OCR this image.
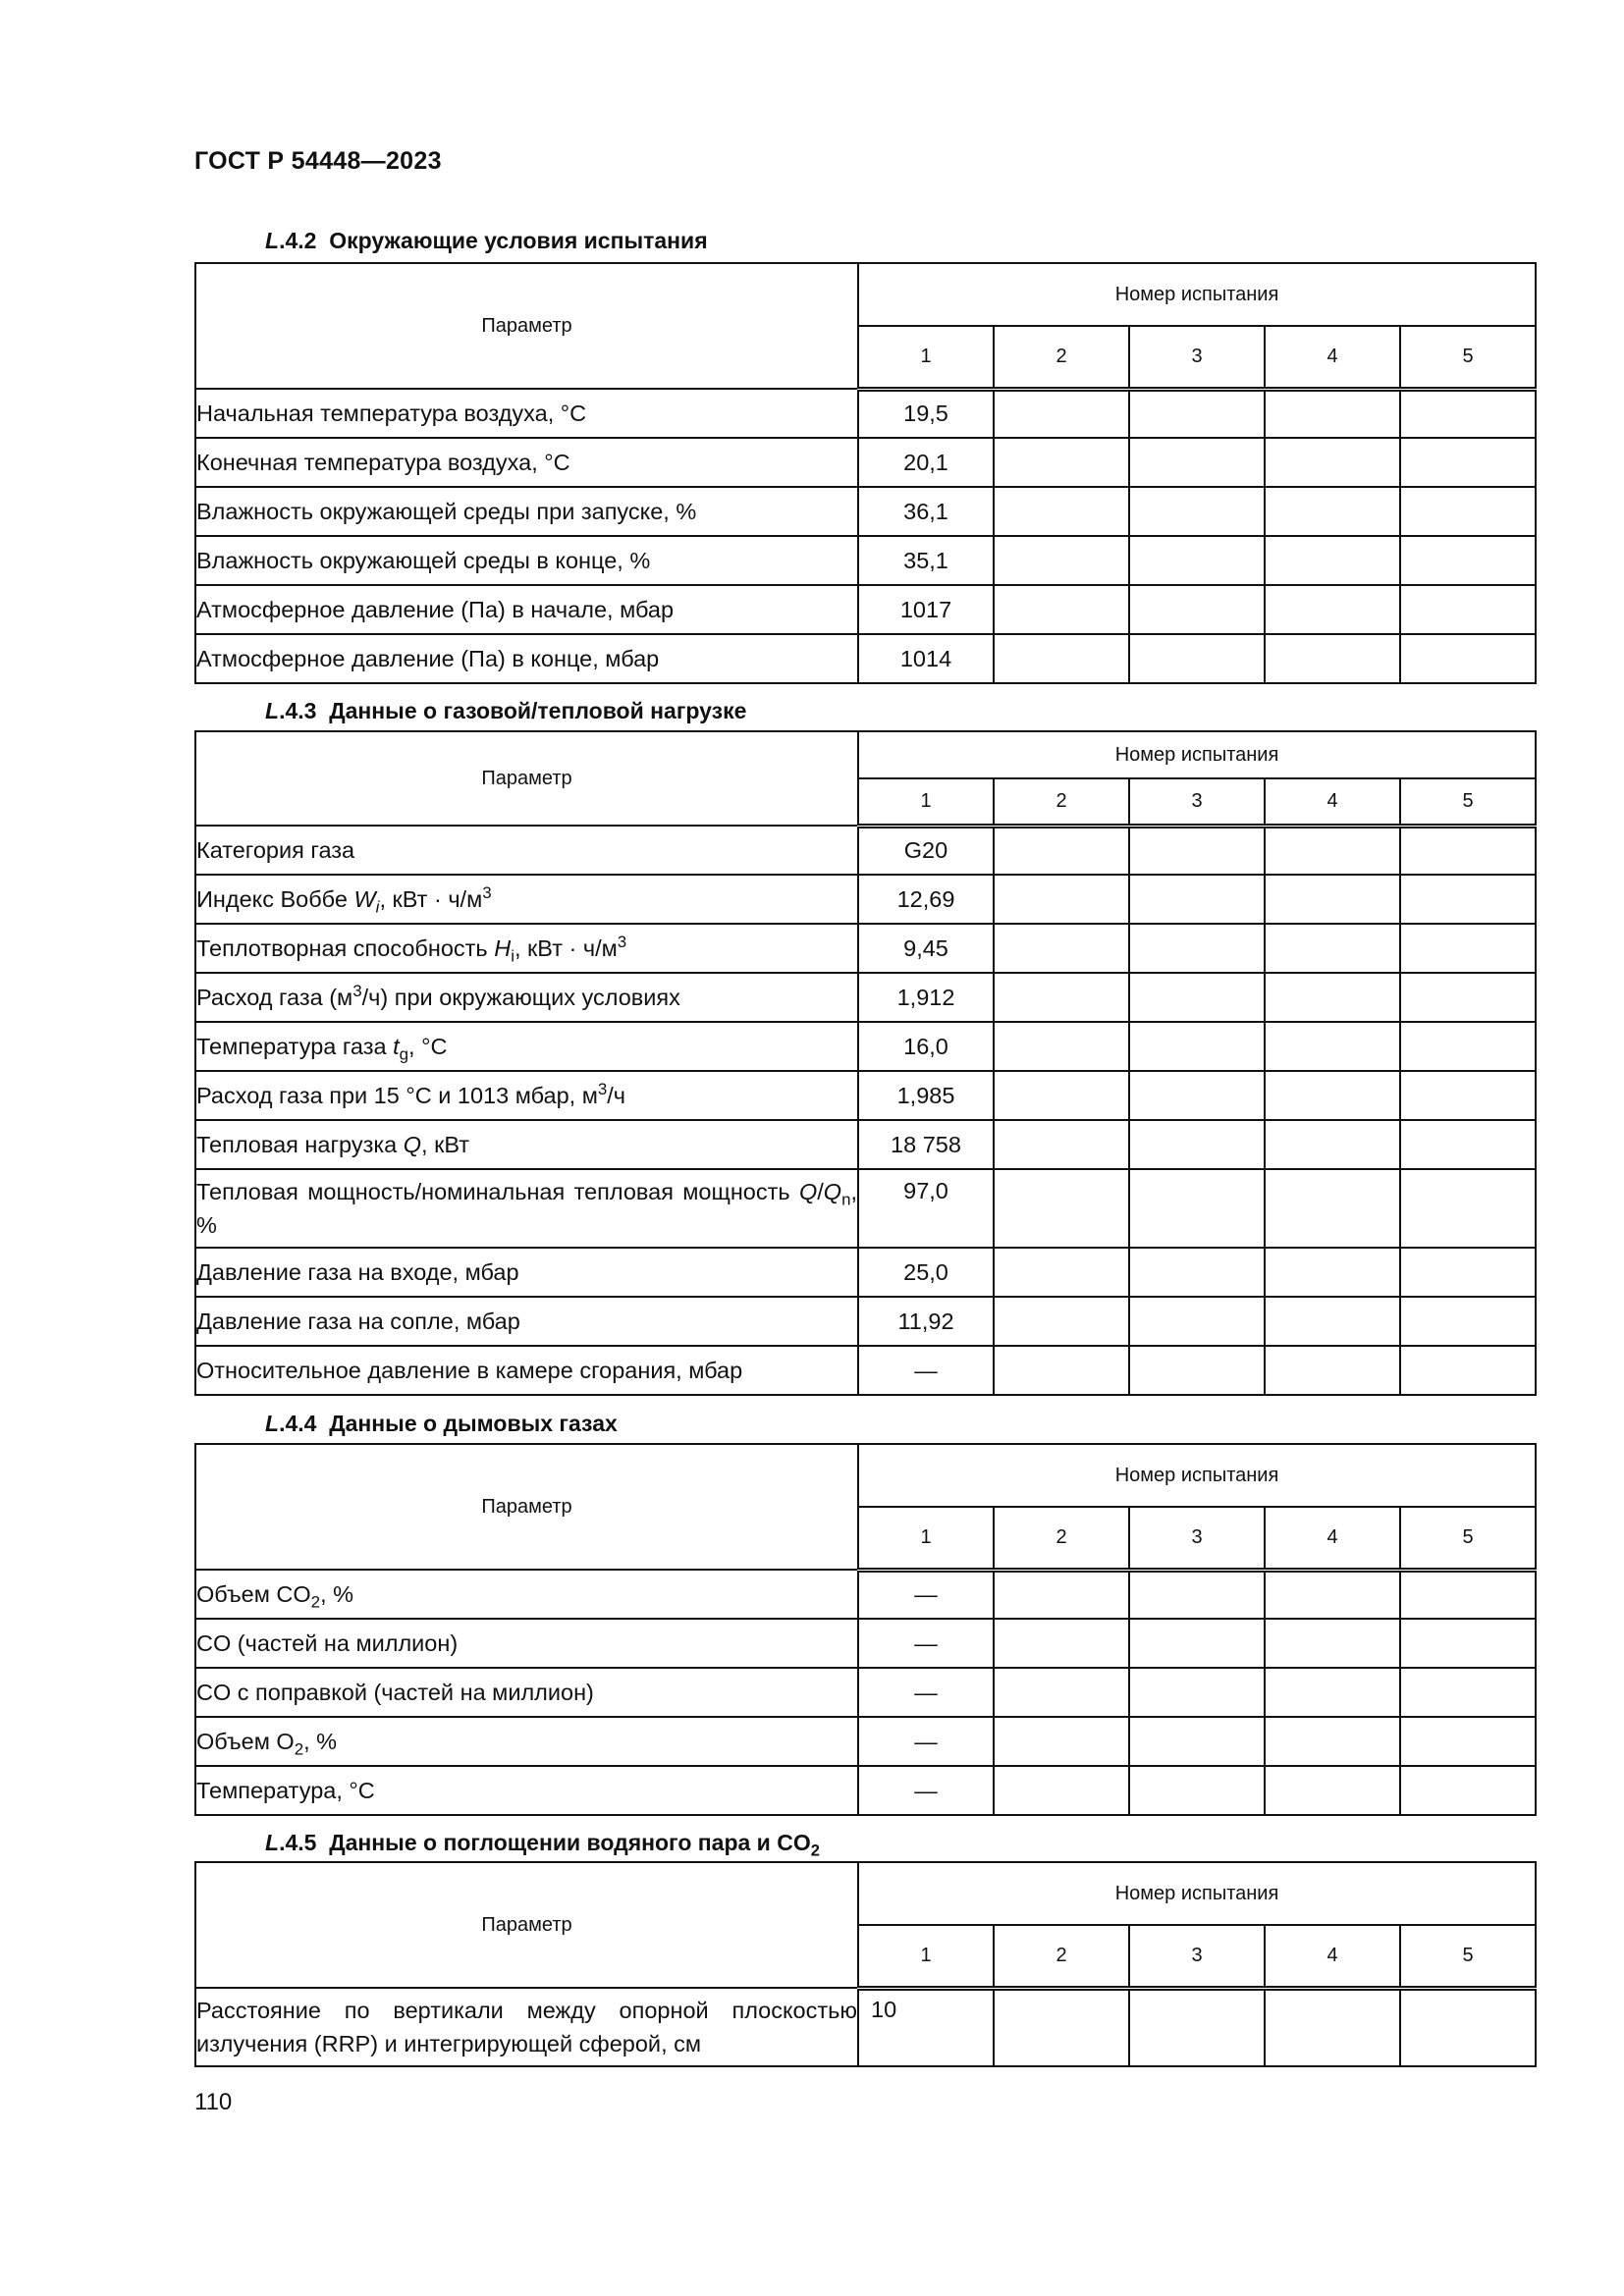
ГОСТ Р 54448—2023
L.4.2 Окружающие условия испытания
Параметр	Номер испытания				
	1	2	3	4	5
Начальная температура воздуха, °C	19,5				
Конечная температура воздуха, °C	20,1				
Влажность окружающей среды при запуске, %	36,1				
Влажность окружающей среды в конце, %	35,1				
Атмосферное давление (Па) в начале, мбар	1017				
Атмосферное давление (Па) в конце, мбар	1014				
L.4.3 Данные о газовой/тепловой нагрузке
Параметр	Номер испытания				
	1	2	3	4	5
Категория газа	G20				
Индекс Воббе $W_i$, кВт · $ч/м^3$	12,69				
Теплотворная способность $H_i$, кВт · $ч/м^3$	9,45				
Расход газа $(м^3/ч)$ при окружающих условиях	1,912				
Температура газа $t_g$, °C	16,0				
Расход газа при 15 °C и 1013 мбар, $м^3/ч$	1,985				
Тепловая нагрузка Q, кВт	18 758				
Тепловая мощность/номинальная тепловая мощность $Q/Q_n$, %	97,0				
Давление газа на входе, мбар	25,0				
Давление газа на сопле, мбар	11,92				
Относительное давление в камере сгорания, мбар	—				
L.4.4 Данные о дымовых газах
Параметр	Номер испытания				
	1	2	3	4	5
Объем $CO_2$, %	—				
CO (частей на миллион)	—				
CO с поправкой (частей на миллион)	—				
Объем $O_2$, %	—				
Температура, °C	—				
L.4.5 Данные о поглощении водяного пара и $CO_2$
Параметр	Номер испытания				
	1	2	3	4	5
Расстояние по вертикали между опорной плоскостью излучения (RRP) и интегрирующей сферой, см	10				
110
